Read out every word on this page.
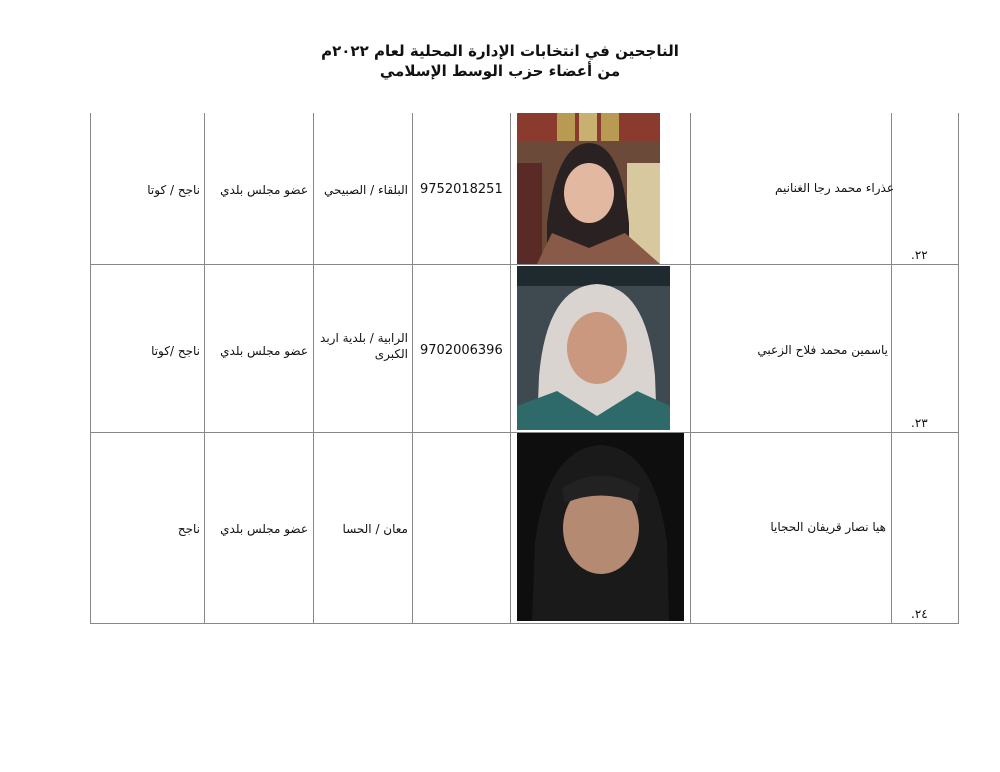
الناجحين في انتخابات الإدارة المحلية لعام ٢٠٢٢م
من أعضاء حزب الوسط الإسلامي
عذراء محمد رجا الغنانيم
9752018251
البلقاء / الصبيحي
عضو مجلس بلدي
ناجح / كوتا
٢٢.
ياسمين محمد فلاح الزعبي
9702006396
الرابية / بلدية اربد الكبرى
عضو مجلس بلدي
ناجح /كوتا
٢٣.
هيا نصار قريفان الحجايا
معان / الحسا
عضو مجلس بلدي
ناجح
٢٤.
